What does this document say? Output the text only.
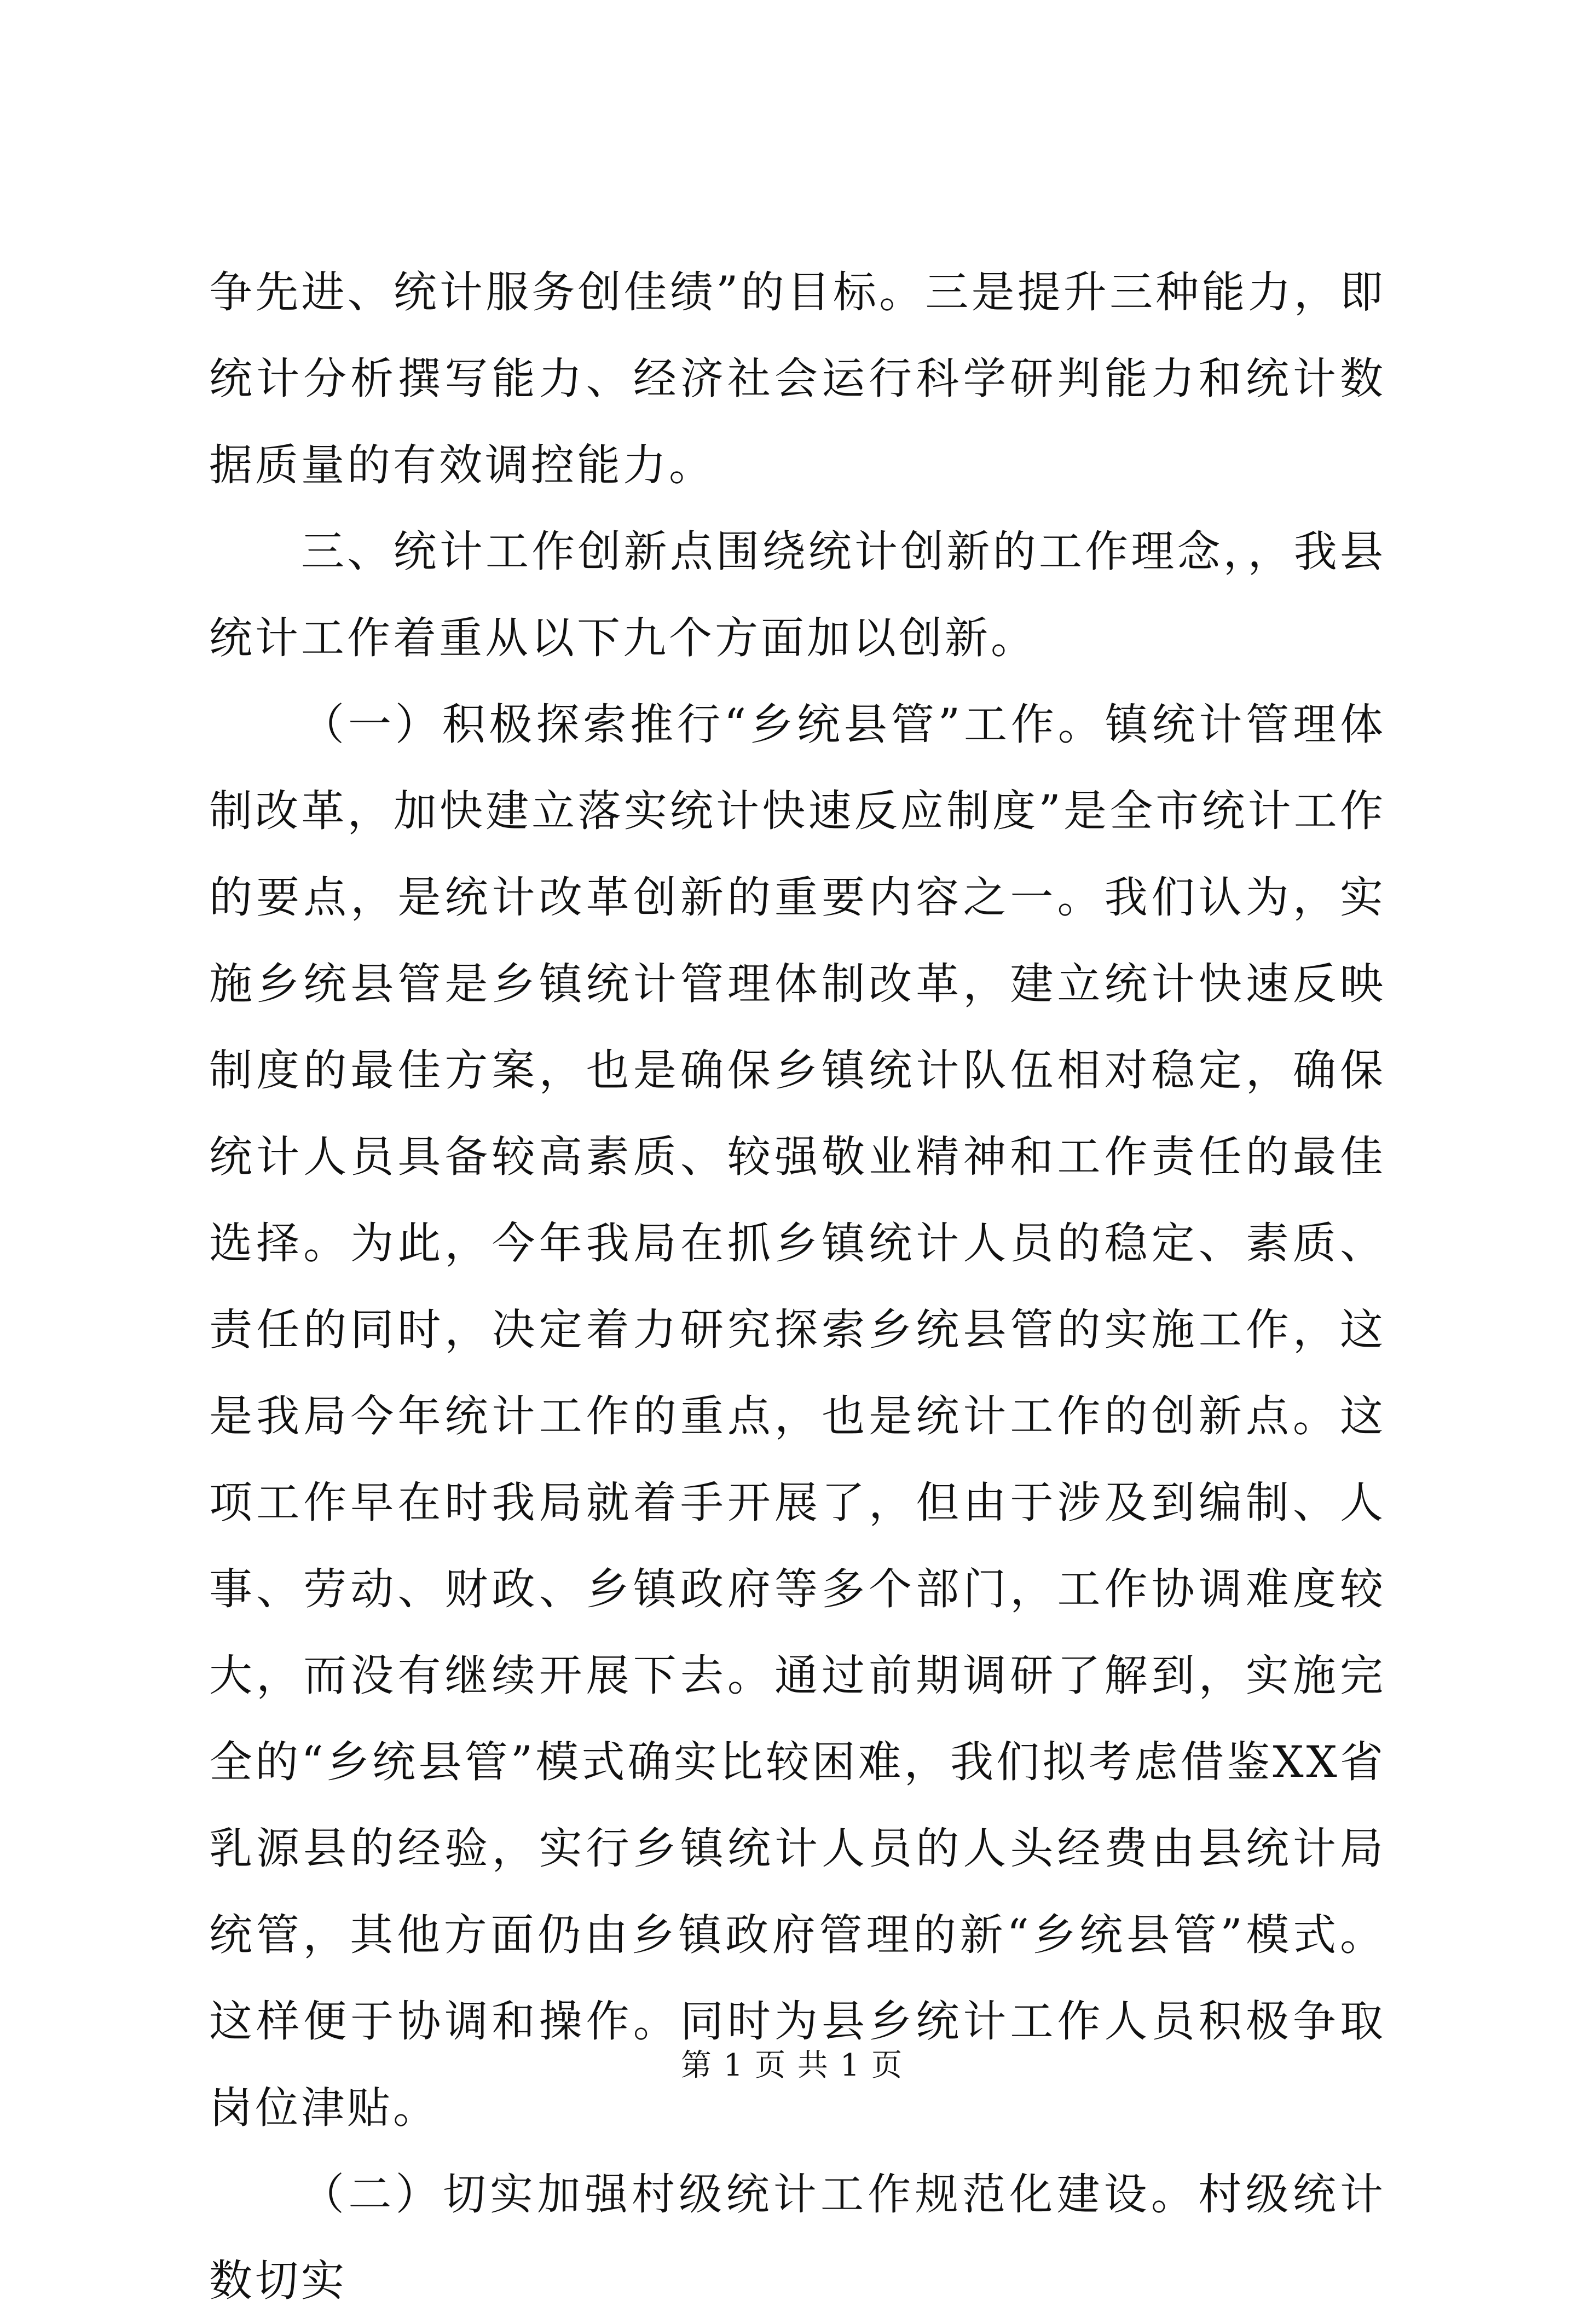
争先进、统计服务创佳绩”的目标。三是提升三种能力，即统计分析撰写能力、经济社会运行科学研判能力和统计数据质量的有效调控能力。

三、统计工作创新点围绕统计创新的工作理念，，我县统计工作着重从以下九个方面加以创新。

（一）积极探索推行“乡统县管”工作。镇统计管理体制改革，加快建立落实统计快速反应制度”是全市统计工作的要点，是统计改革创新的重要内容之一。我们认为，实施乡统县管是乡镇统计管理体制改革，建立统计快速反映制度的最佳方案，也是确保乡镇统计队伍相对稳定，确保统计人员具备较高素质、较强敬业精神和工作责任的最佳选择。为此，今年我局在抓乡镇统计人员的稳定、素质、责任的同时，决定着力研究探索乡统县管的实施工作，这是我局今年统计工作的重点，也是统计工作的创新点。这项工作早在时我局就着手开展了，但由于涉及到编制、人事、劳动、财政、乡镇政府等多个部门，工作协调难度较大，而没有继续开展下去。通过前期调研了解到，实施完全的“乡统县管”模式确实比较困难，我们拟考虑借鉴XX省乳源县的经验，实行乡镇统计人员的人头经费由县统计局统管，其他方面仍由乡镇政府管理的新“乡统县管”模式。这样便于协调和操作。同时为县乡统计工作人员积极争取岗位津贴。

（二）切实加强村级统计工作规范化建设。村级统计数切实

第 1 页 共 1 页
